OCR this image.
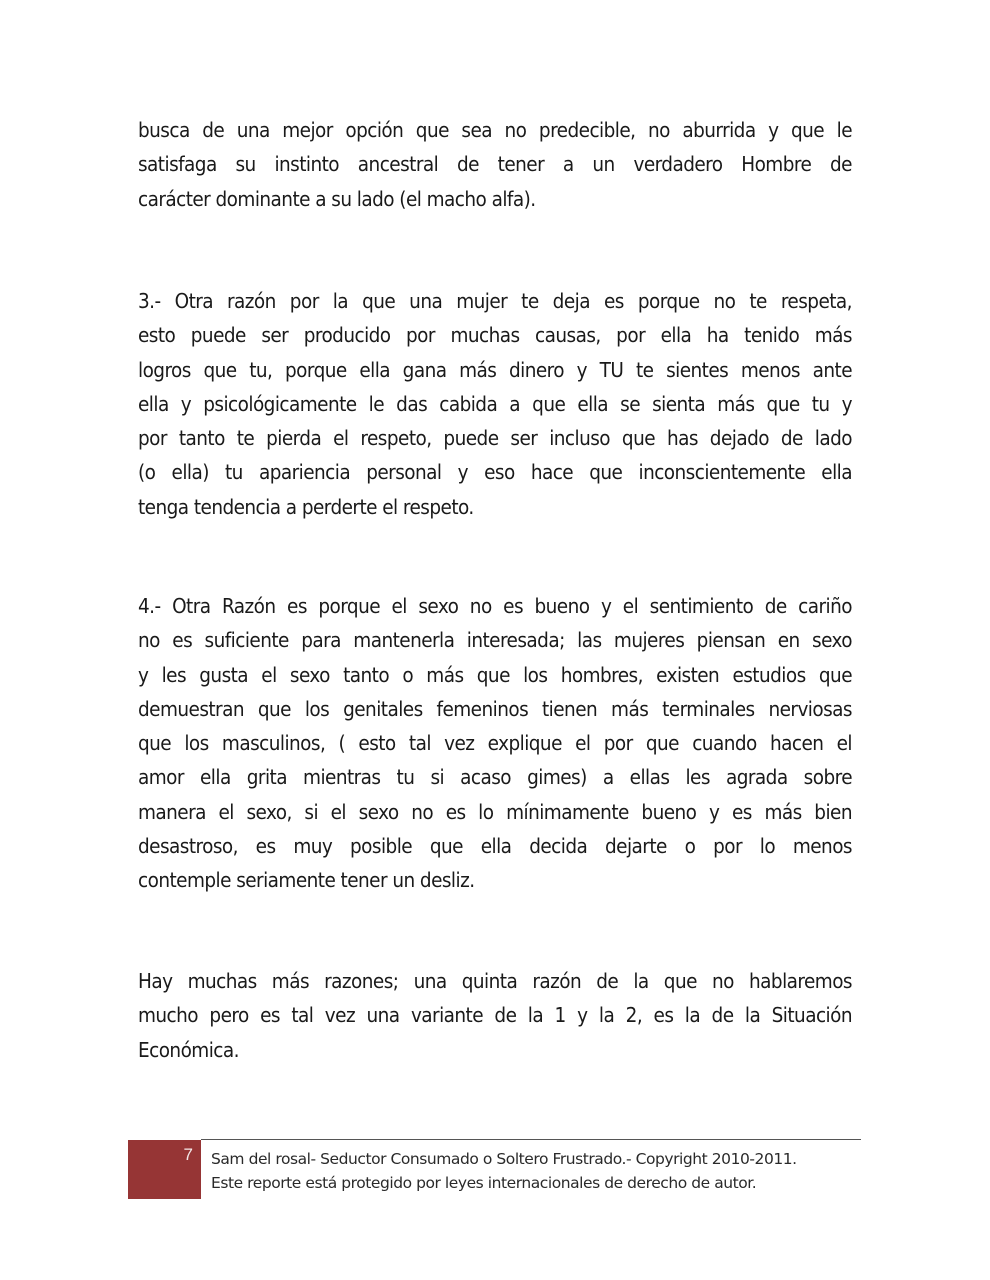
busca de una mejor opción que sea no predecible, no aburrida y que le
satisfaga su instinto ancestral de tener a un verdadero Hombre de
carácter dominante a su lado (el macho alfa).
3.- Otra razón por la que una mujer te deja es porque no te respeta,
esto puede ser producido por muchas causas, por ella ha tenido más
logros que tu, porque ella gana más dinero y TU te sientes menos ante
ella y psicológicamente le das cabida a que ella se sienta más que tu y
por tanto te pierda el respeto, puede ser incluso que has dejado de lado
(o ella) tu apariencia personal y eso hace que inconscientemente ella
tenga tendencia a perderte el respeto.
4.- Otra Razón es porque el sexo no es bueno y el sentimiento de cariño
no es suficiente para mantenerla interesada; las mujeres piensan en sexo
y les gusta el sexo tanto o más que los hombres, existen estudios que
demuestran que los genitales femeninos tienen más terminales nerviosas
que los masculinos, ( esto tal vez explique el por que cuando hacen el
amor ella grita mientras tu si acaso gimes) a ellas les agrada sobre
manera el sexo, si el sexo no es lo mínimamente bueno y es más bien
desastroso, es muy posible que ella decida dejarte o por lo menos
contemple seriamente tener un desliz.
Hay muchas más razones; una quinta razón de la que no hablaremos
mucho pero es tal vez una variante de la 1 y la 2, es la de la Situación
Económica.
7 Sam del rosal- Seductor Consumado o Soltero Frustrado.- Copyright 2010-2011.
Este reporte está protegido por leyes internacionales de derecho de autor.
